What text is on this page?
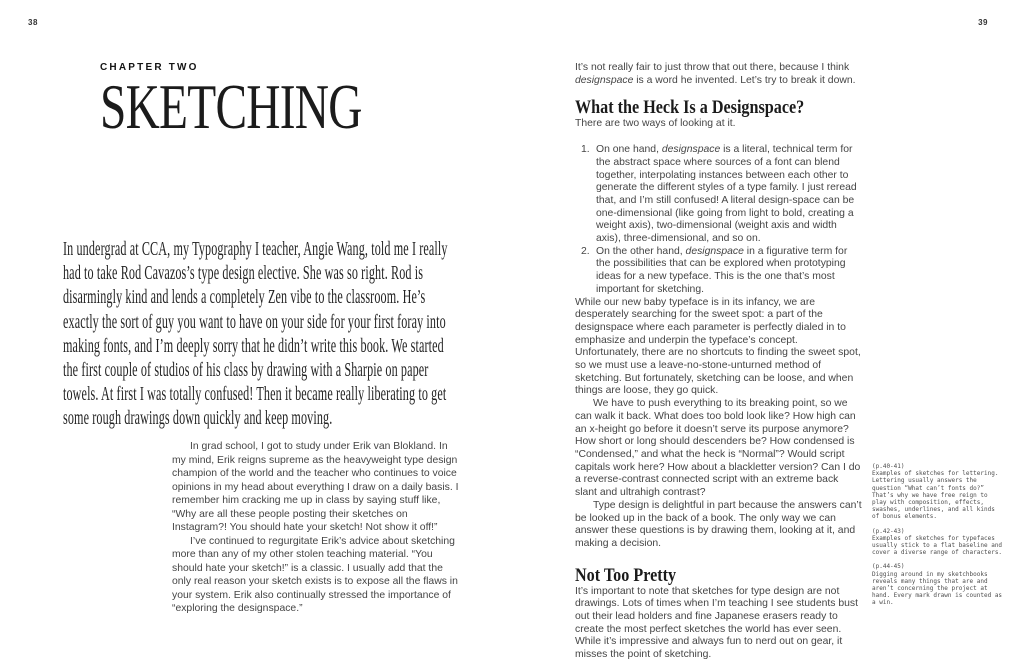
38	39
CHAPTER TWO
SKETCHING
In undergrad at CCA, my Typography I teacher, Angie Wang, told me I really had to take Rod Cavazos’s type design elective. She was so right. Rod is disarmingly kind and lends a completely Zen vibe to the classroom. He’s exactly the sort of guy you want to have on your side for your first foray into making fonts, and I’m deeply sorry that he didn’t write this book. We started the first couple of studios of his class by drawing with a Sharpie on paper towels. At first I was totally confused! Then it became really liberating to get some rough drawings down quickly and keep moving.

In grad school, I got to study under Erik van Blokland. In my mind, Erik reigns supreme as the heavyweight type design champion of the world and the teacher who continues to voice opinions in my head about everything I draw on a daily basis. I remember him cracking me up in class by saying stuff like, “Why are all these people posting their sketches on Instagram?! You should hate your sketch! Not show it off!”

I’ve continued to regurgitate Erik’s advice about sketching more than any of my other stolen teaching material. “You should hate your sketch!” is a classic. I usually add that the only real reason your sketch exists is to expose all the flaws in your system. Erik also continually stressed the importance of “exploring the designspace.”

It’s not really fair to just throw that out there, because I think designspace is a word he invented. Let’s try to break it down.

What the Heck Is a Designspace?

There are two ways of looking at it.

1. On one hand, designspace is a literal, technical term for the abstract space where sources of a font can blend together, interpolating instances between each other to generate the different styles of a type family. I just reread that, and I’m still confused! A literal design-space can be one-dimensional (like going from light to bold, creating a weight axis), two-dimensional (weight axis and width axis), three-dimensional, and so on.
2. On the other hand, designspace in a figurative term for the possibilities that can be explored when prototyping ideas for a new typeface. This is the one that’s most important for sketching.

While our new baby typeface is in its infancy, we are desperately searching for the sweet spot: a part of the designspace where each parameter is perfectly dialed in to emphasize and underpin the typeface’s concept. Unfortunately, there are no shortcuts to finding the sweet spot, so we must use a leave-no-stone-unturned method of sketching. But fortunately, sketching can be loose, and when things are loose, they go quick.

We have to push everything to its breaking point, so we can walk it back. What does too bold look like? How high can an x-height go before it doesn’t serve its purpose anymore? How short or long should descenders be? How condensed is “Condensed,” and what the heck is “Normal”? Would script capitals work here? How about a blackletter version? Can I do a reverse-contrast connected script with an extreme back slant and ultrahigh contrast?

Type design is delightful in part because the answers can’t be looked up in the back of a book. The only way we can answer these questions is by drawing them, looking at it, and making a decision.

Not Too Pretty

It’s important to note that sketches for type design are not drawings. Lots of times when I’m teaching I see students bust out their lead holders and fine Japanese erasers ready to create the most perfect sketches the world has ever seen. While it’s impressive and always fun to nerd out on gear, it misses the point of sketching.

(p.40-41)
Examples of sketches for lettering. Lettering usually answers the question “What can’t fonts do?” That’s why we have free reign to play with composition, effects, swashes, underlines, and all kinds of bonus elements.
(p.42-43)
Examples of sketches for typefaces usually stick to a flat baseline and cover a diverse range of characters.
(p.44-45)
Digging around in my sketchbooks reveals many things that are and aren’t concerning the project at hand. Every mark drawn is counted as a win.
